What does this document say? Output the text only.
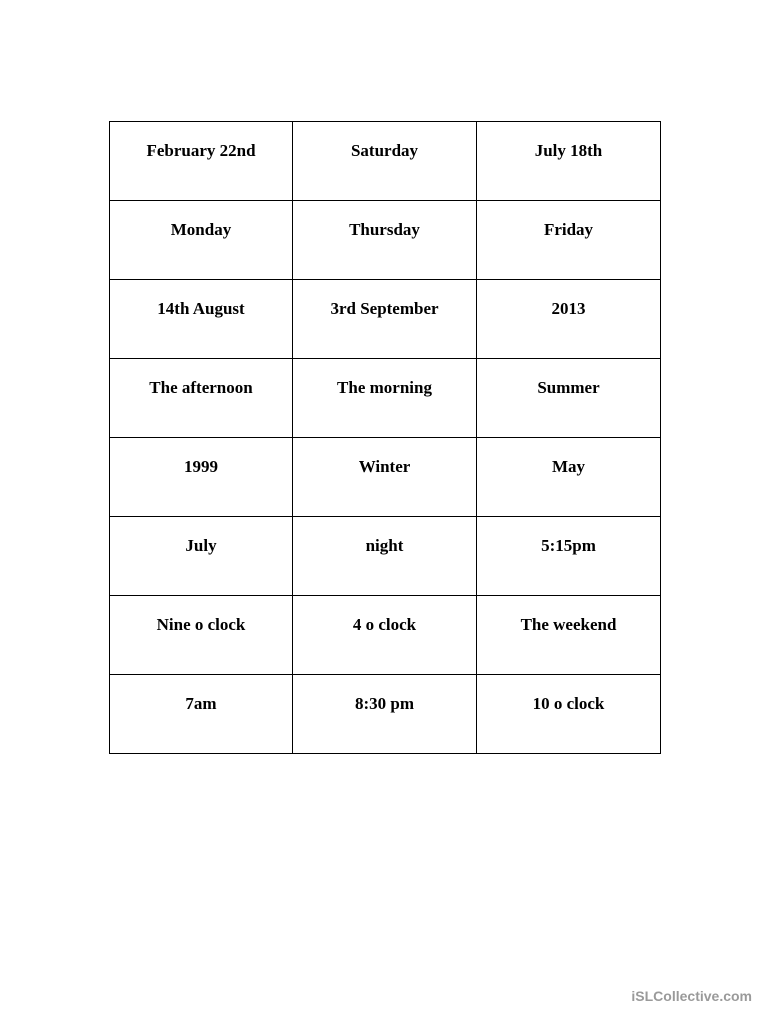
February 22nd	Saturday	July 18th

Monday	Thursday	Friday

14th August	3rd September	2013

The afternoon	The morning	Summer

1999	Winter	May

July	night	5:15pm

Nine o clock	4 o clock	The weekend

7am	8:30 pm	10 o clock
iSLCollective.com
